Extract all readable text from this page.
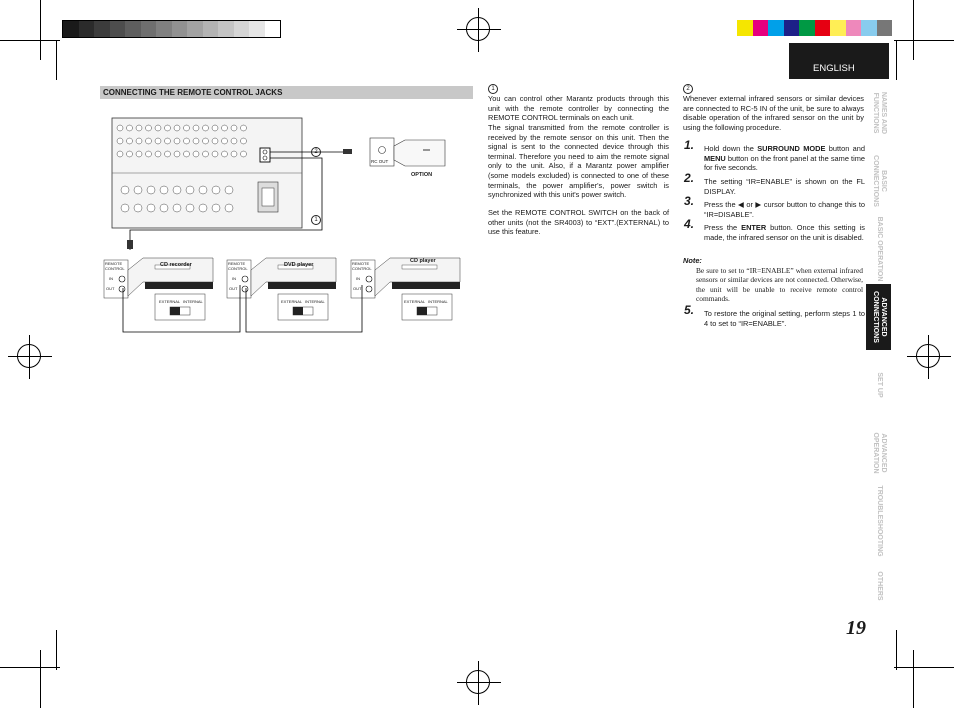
ENGLISH
CONNECTING THE REMOTE CONTROL JACKS
2
1
RC OUT
OPTION
CD recorder	DVD player
CD player
REMOTE CONTROL
REMOTE CONTROL
REMOTE CONTROL
IN
OUT
IN
OUT
IN
OUT
EXTERNAL INTERNAL	EXTERNAL INTERNAL	EXTERNAL INTERNAL
1

You can control other Marantz products through this unit with the remote controller by connecting the REMOTE CONTROL terminals on each unit.

The signal transmitted from the remote controller is received by the remote sensor on this unit. Then the signal is sent to the connected device through this terminal. Therefore you need to aim the remote signal only to the unit. Also, if a Marantz power amplifier (some models excluded) is connected to one of these terminals, the power amplifier's, power switch is synchronized with this unit's power switch.

Set the REMOTE CONTROL SWITCH on the back of other units (not the SR4003) to “EXT”.(EXTERNAL) to use this feature.

2

Whenever external infrared sensors or similar devices are connected to RC-5 IN of the unit, be sure to always disable operation of the infrared sensor on the unit by using the following procedure.

1. Hold down the SURROUND MODE button and MENU button on the front panel at the same time for five seconds.
2. The setting “IR=ENABLE” is shown on the FL DISPLAY.
3. Press the ◀ or ▶ cursor button to change this to “IR=DISABLE”.
4. Press the ENTER button. Once this setting is made, the infrared sensor on the unit is disabled.
Note:
Be sure to set to “IR=ENABLE” when external infrared sensors or similar devices are not connected. Otherwise, the unit will be unable to receive remote control commands.
5. To restore the original setting, perform steps 1 to 4 to set to “IR=ENABLE”.
NAMES AND
FUNCTIONS
BASIC
CONNECTIONS
BASIC OPERATION
ADVANCED
CONNECTIONS
SET UP
ADVANCED
OPERATION
TROUBLESHOOTING
OTHERS
19
